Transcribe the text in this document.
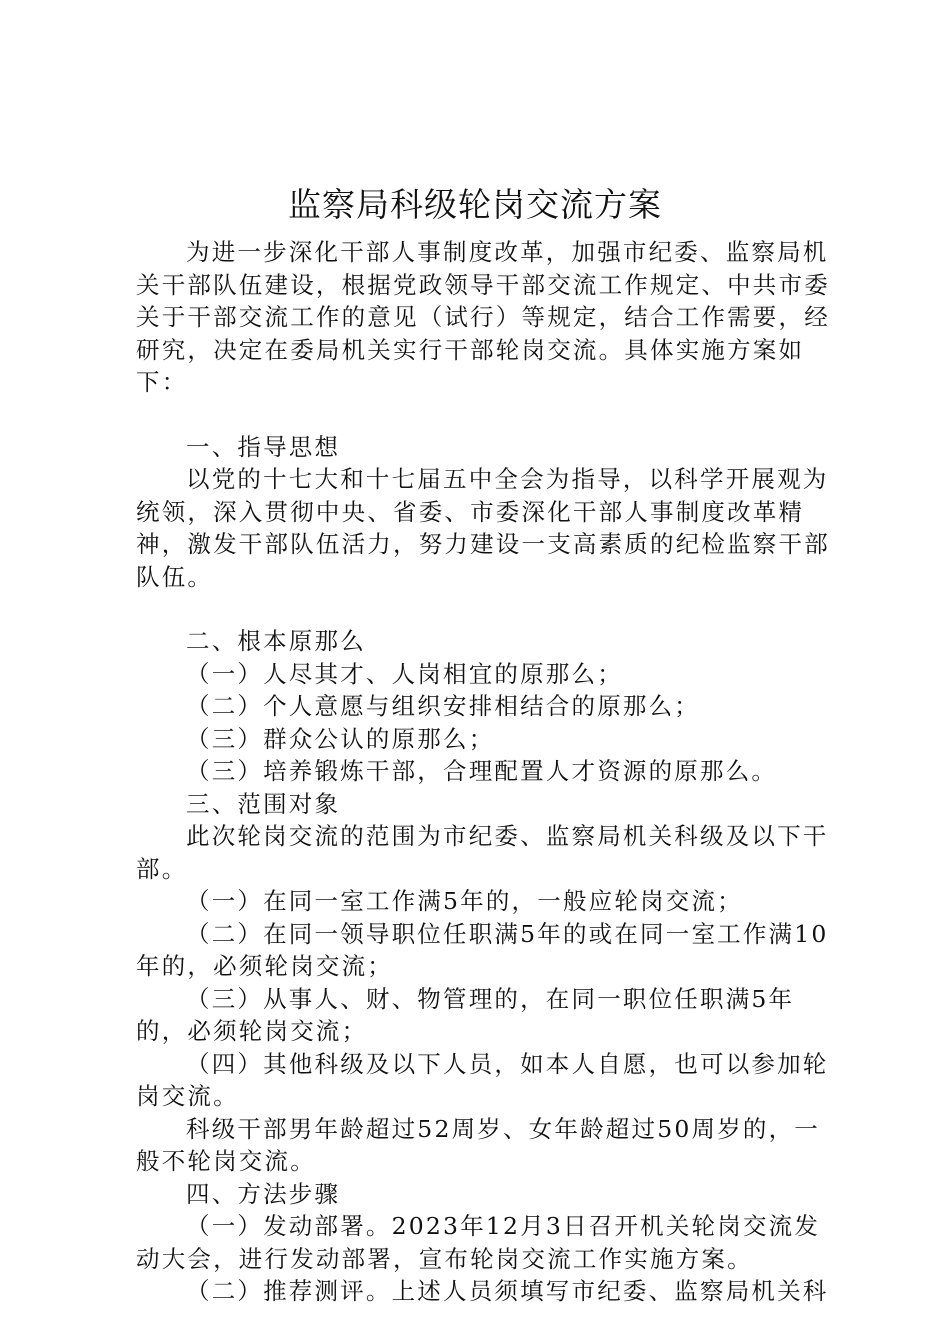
监察局科级轮岗交流方案

为进一步深化干部人事制度改革，加强市纪委、监察局机关干部队伍建设，根据党政领导干部交流工作规定、中共市委关于干部交流工作的意见（试行）等规定，结合工作需要，经研究，决定在委局机关实行干部轮岗交流。具体实施方案如下：

一、指导思想

以党的十七大和十七届五中全会为指导，以科学开展观为统领，深入贯彻中央、省委、市委深化干部人事制度改革精神，激发干部队伍活力，努力建设一支高素质的纪检监察干部队伍。

二、根本原那么

（一）人尽其才、人岗相宜的原那么；

（二）个人意愿与组织安排相结合的原那么；

（三）群众公认的原那么；

（三）培养锻炼干部，合理配置人才资源的原那么。

三、范围对象

此次轮岗交流的范围为市纪委、监察局机关科级及以下干部。

（一）在同一室工作满5年的，一般应轮岗交流；

（二）在同一领导职位任职满5年的或在同一室工作满10年的，必须轮岗交流；

（三）从事人、财、物管理的，在同一职位任职满5年的，必须轮岗交流；

（四）其他科级及以下人员，如本人自愿，也可以参加轮岗交流。

科级干部男年龄超过52周岁、女年龄超过50周岁的，一般不轮岗交流。

四、方法步骤

（一）发动部署。2023年12月3日召开机关轮岗交流发动大会，进行发动部署，宣布轮岗交流工作实施方案。

（二）推荐测评。上述人员须填写市纪委、监察局机关科
